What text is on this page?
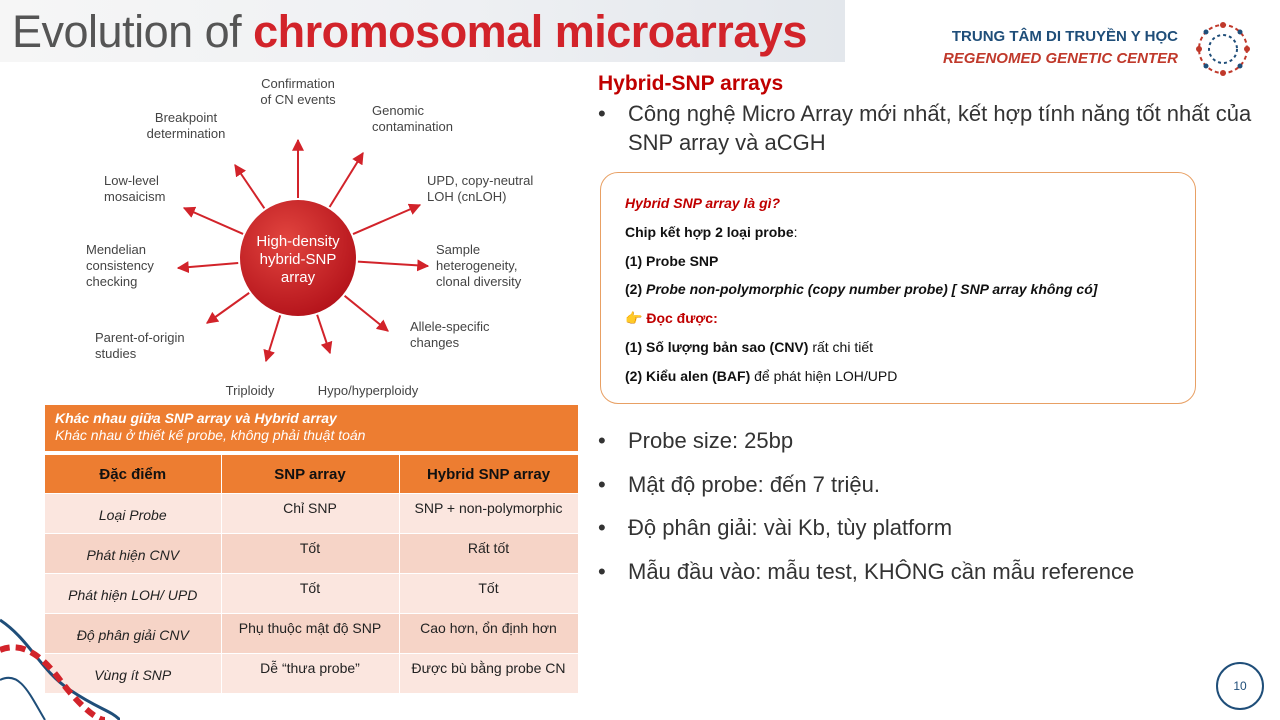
Evolution of chromosomal microarrays	TRUNG TÂM DI TRUYỀN Y HỌC
REGENOMED GENETIC CENTER
High-density hybrid-SNP array
Confirmation of CN events
Genomic contamination
UPD, copy-neutral LOH (cnLOH)
Sample heterogeneity, clonal diversity
Allele-specific changes
Hypo/hyperploidy
Triploidy
Parent-of-origin studies
Mendelian consistency checking
Low-level mosaicism
Breakpoint determination
Khác nhau giữa SNP array và Hybrid array
Khác nhau ở thiết kế probe, không phải thuật toán
Đặc điểm	SNP array	Hybrid SNP array
Loại Probe	Chỉ SNP	SNP + non-polymorphic
Phát hiện CNV	Tốt	Rất tốt
Phát hiện LOH/ UPD	Tốt	Tốt
Độ phân giải CNV	Phụ thuộc mật độ SNP	Cao hơn, ổn định hơn
Vùng ít SNP	Dễ “thưa probe”	Được bù bằng probe CN
Hybrid-SNP arrays
• Công nghệ Micro Array mới nhất, kết hợp tính năng tốt nhất của SNP array và aCGH
Hybrid SNP array là gì?
Chip kết hợp 2 loại probe:
(1) Probe SNP
(2) Probe non-polymorphic (copy number probe) [ SNP array không có]
👉 Đọc được:
(1) Số lượng bản sao (CNV) rất chi tiết
(2) Kiểu alen (BAF) để phát hiện LOH/UPD
• Probe size: 25bp
• Mật độ probe: đến 7 triệu.
• Độ phân giải: vài Kb, tùy platform
• Mẫu đầu vào: mẫu test, KHÔNG cần mẫu reference
10
